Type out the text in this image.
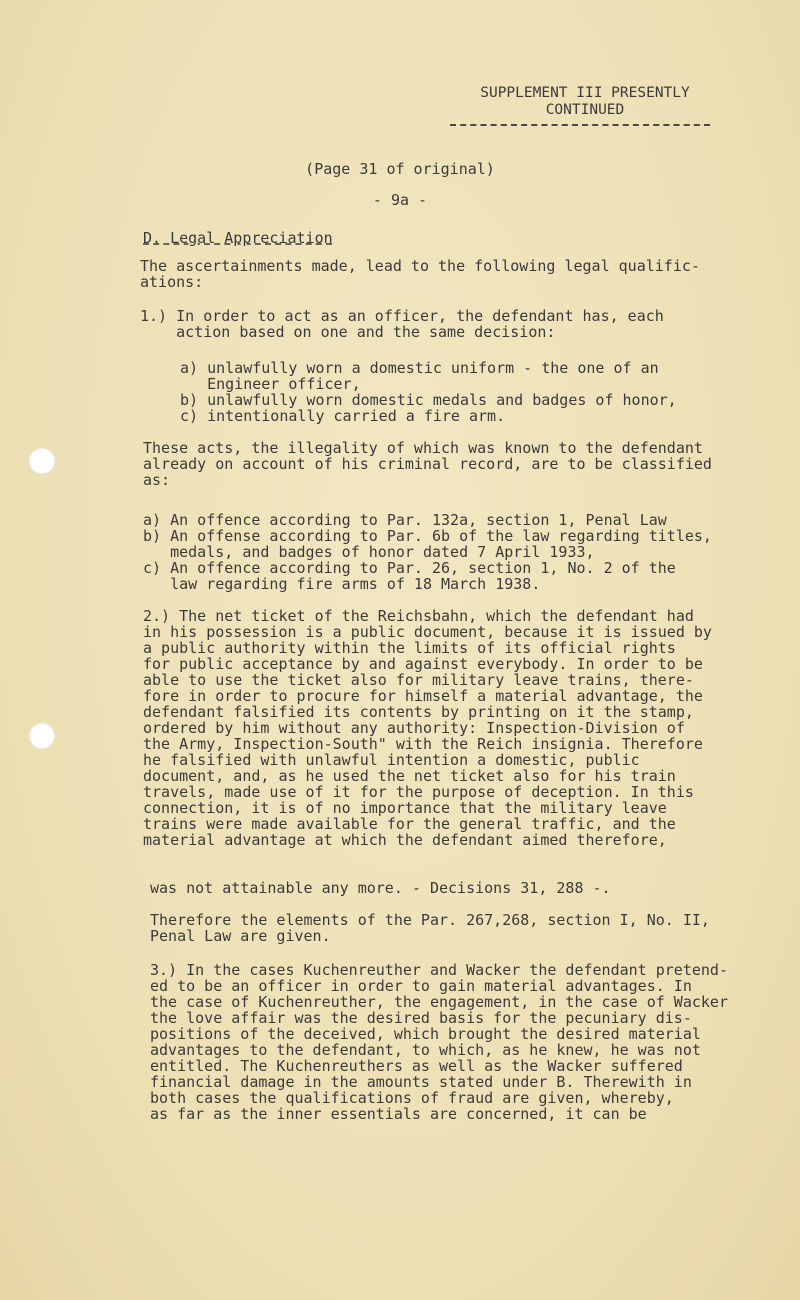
SUPPLEMENT III PRESENTLY
CONTINUED
(Page 31 of original)
- 9a -
D. Legal Appreciation

The ascertainments made, lead to the following legal qualific-
ations:

1.) In order to act as an officer, the defendant has, each
action based on one and the same decision:

a) unlawfully worn a domestic uniform - the one of an
Engineer officer,

b) unlawfully worn domestic medals and badges of honor,

c) intentionally carried a fire arm.

These acts, the illegality of which was known to the defendant
already on account of his criminal record, are to be classified
as:

a) An offence according to Par. 132a, section 1, Penal Law

b) An offense according to Par. 6b of the law regarding titles,
medals, and badges of honor dated 7 April 1933,

c) An offence according to Par. 26, section 1, No. 2 of the
law regarding fire arms of 18 March 1938.

2.) The net ticket of the Reichsbahn, which the defendant had
in his possession is a public document, because it is issued by
a public authority within the limits of its official rights
for public acceptance by and against everybody. In order to be
able to use the ticket also for military leave trains, there-
fore in order to procure for himself a material advantage, the
defendant falsified its contents by printing on it the stamp,
ordered by him without any authority: Inspection-Division of
the Army, Inspection-South" with the Reich insignia. Therefore
he falsified with unlawful intention a domestic, public
document, and, as he used the net ticket also for his train
travels, made use of it for the purpose of deception. In this
connection, it is of no importance that the military leave
trains were made available for the general traffic, and the
material advantage at which the defendant aimed therefore,

was not attainable any more. - Decisions 31, 288 -.

Therefore the elements of the Par. 267,268, section I, No. II,
Penal Law are given.

3.) In the cases Kuchenreuther and Wacker the defendant pretend-
ed to be an officer in order to gain material advantages. In
the case of Kuchenreuther, the engagement, in the case of Wacker
the love affair was the desired basis for the pecuniary dis-
positions of the deceived, which brought the desired material
advantages to the defendant, to which, as he knew, he was not
entitled. The Kuchenreuthers as well as the Wacker suffered
financial damage in the amounts stated under B. Therewith in
both cases the qualifications of fraud are given, whereby,
as far as the inner essentials are concerned, it can be
